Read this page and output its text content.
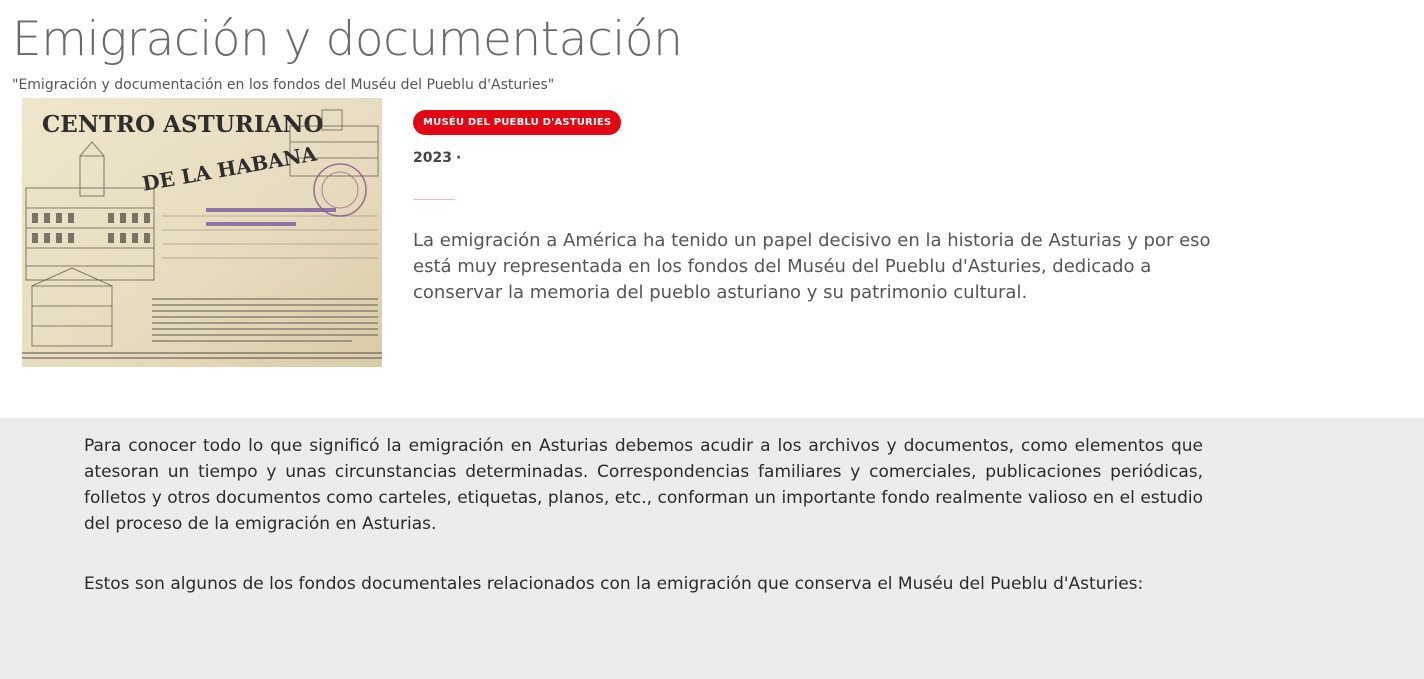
Emigración y documentación

"Emigración y documentación en los fondos del Muséu del Pueblu d'Asturies"

CENTRO ASTURIANO
DE LA HABANA
MUSÉU DEL PUEBLU D'ASTURIES
2023 ·

La emigración a América ha tenido un papel decisivo en la historia de Asturias y por eso está muy representada en los fondos del Muséu del Pueblu d'Asturies, dedicado a conservar la memoria del pueblo asturiano y su patrimonio cultural.

Para conocer todo lo que significó la emigración en Asturias debemos acudir a los archivos y documentos, como elementos que atesoran un tiempo y unas circunstancias determinadas. Correspondencias familiares y comerciales, publicaciones periódicas, folletos y otros documentos como carteles, etiquetas, planos, etc., conforman un importante fondo realmente valioso en el estudio del proceso de la emigración en Asturias.

Estos son algunos de los fondos documentales relacionados con la emigración que conserva el Muséu del Pueblu d'Asturies:
